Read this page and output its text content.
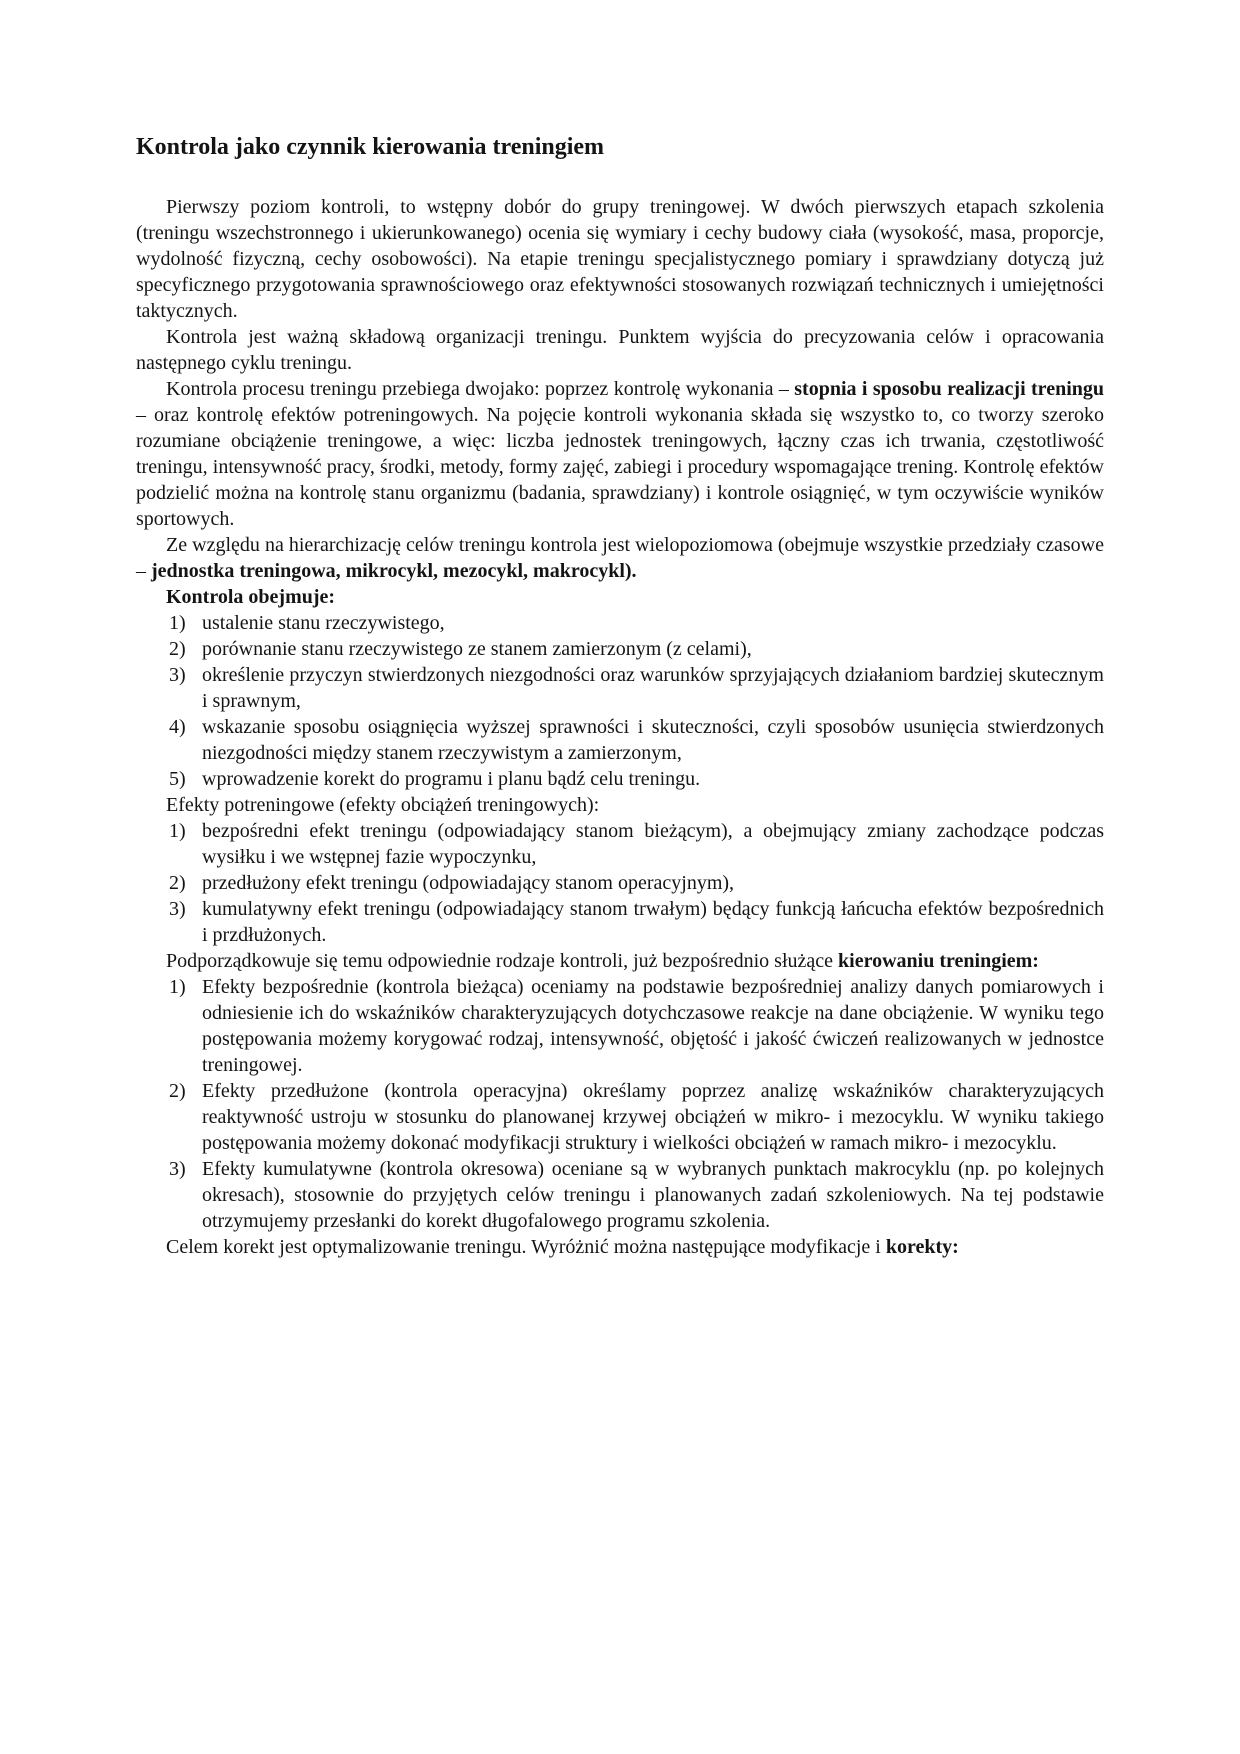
Kontrola jako czynnik kierowania treningiem

Pierwszy poziom kontroli, to wstępny dobór do grupy treningowej. W dwóch pierwszych etapach szkolenia (treningu wszechstronnego i ukierunkowanego) ocenia się wymiary i cechy budowy ciała (wysokość, masa, proporcje, wydolność fizyczną, cechy osobowości). Na etapie treningu specjalistycznego pomiary i sprawdziany dotyczą już specyficznego przygotowania sprawnościowego oraz efektywności stosowanych rozwiązań technicznych i umiejętności taktycznych.

Kontrola jest ważną składową organizacji treningu. Punktem wyjścia do precyzowania celów i opracowania następnego cyklu treningu.

Kontrola procesu treningu przebiega dwojako: poprzez kontrolę wykonania – stopnia i sposobu realizacji treningu – oraz kontrolę efektów potreningowych. Na pojęcie kontroli wykonania składa się wszystko to, co tworzy szeroko rozumiane obciążenie treningowe, a więc: liczba jednostek treningowych, łączny czas ich trwania, częstotliwość treningu, intensywność pracy, środki, metody, formy zajęć, zabiegi i procedury wspomagające trening. Kontrolę efektów podzielić można na kontrolę stanu organizmu (badania, sprawdziany) i kontrole osiągnięć, w tym oczywiście wyników sportowych.

Ze względu na hierarchizację celów treningu kontrola jest wielopoziomowa (obejmuje wszystkie przedziały czasowe – jednostka treningowa, mikrocykl, mezocykl, makrocykl).

Kontrola obejmuje:

1) ustalenie stanu rzeczywistego,
2) porównanie stanu rzeczywistego ze stanem zamierzonym (z celami),
3) określenie przyczyn stwierdzonych niezgodności oraz warunków sprzyjających działaniom bardziej skutecznym i sprawnym,
4) wskazanie sposobu osiągnięcia wyższej sprawności i skuteczności, czyli sposobów usunięcia stwierdzonych niezgodności między stanem rzeczywistym a zamierzonym,
5) wprowadzenie korekt do programu i planu bądź celu treningu.

Efekty potreningowe (efekty obciążeń treningowych):

1) bezpośredni efekt treningu (odpowiadający stanom bieżącym), a obejmujący zmiany zachodzące podczas wysiłku i we wstępnej fazie wypoczynku,
2) przedłużony efekt treningu (odpowiadający stanom operacyjnym),
3) kumulatywny efekt treningu (odpowiadający stanom trwałym) będący funkcją łańcucha efektów bezpośrednich i przdłużonych.

Podporządkowuje się temu odpowiednie rodzaje kontroli, już bezpośrednio służące kierowaniu treningiem:

1) Efekty bezpośrednie (kontrola bieżąca) oceniamy na podstawie bezpośredniej analizy danych pomiarowych i odniesienie ich do wskaźników charakteryzujących dotychczasowe reakcje na dane obciążenie. W wyniku tego postępowania możemy korygować rodzaj, intensywność, objętość i jakość ćwiczeń realizowanych w jednostce treningowej.
2) Efekty przedłużone (kontrola operacyjna) określamy poprzez analizę wskaźników charakteryzujących reaktywność ustroju w stosunku do planowanej krzywej obciążeń w mikro- i mezocyklu. W wyniku takiego postępowania możemy dokonać modyfikacji struktury i wielkości obciążeń w ramach mikro- i mezocyklu.
3) Efekty kumulatywne (kontrola okresowa) oceniane są w wybranych punktach makrocyklu (np. po kolejnych okresach), stosownie do przyjętych celów treningu i planowanych zadań szkoleniowych. Na tej podstawie otrzymujemy przesłanki do korekt długofalowego programu szkolenia.

Celem korekt jest optymalizowanie treningu. Wyróżnić można następujące modyfikacje i korekty:
